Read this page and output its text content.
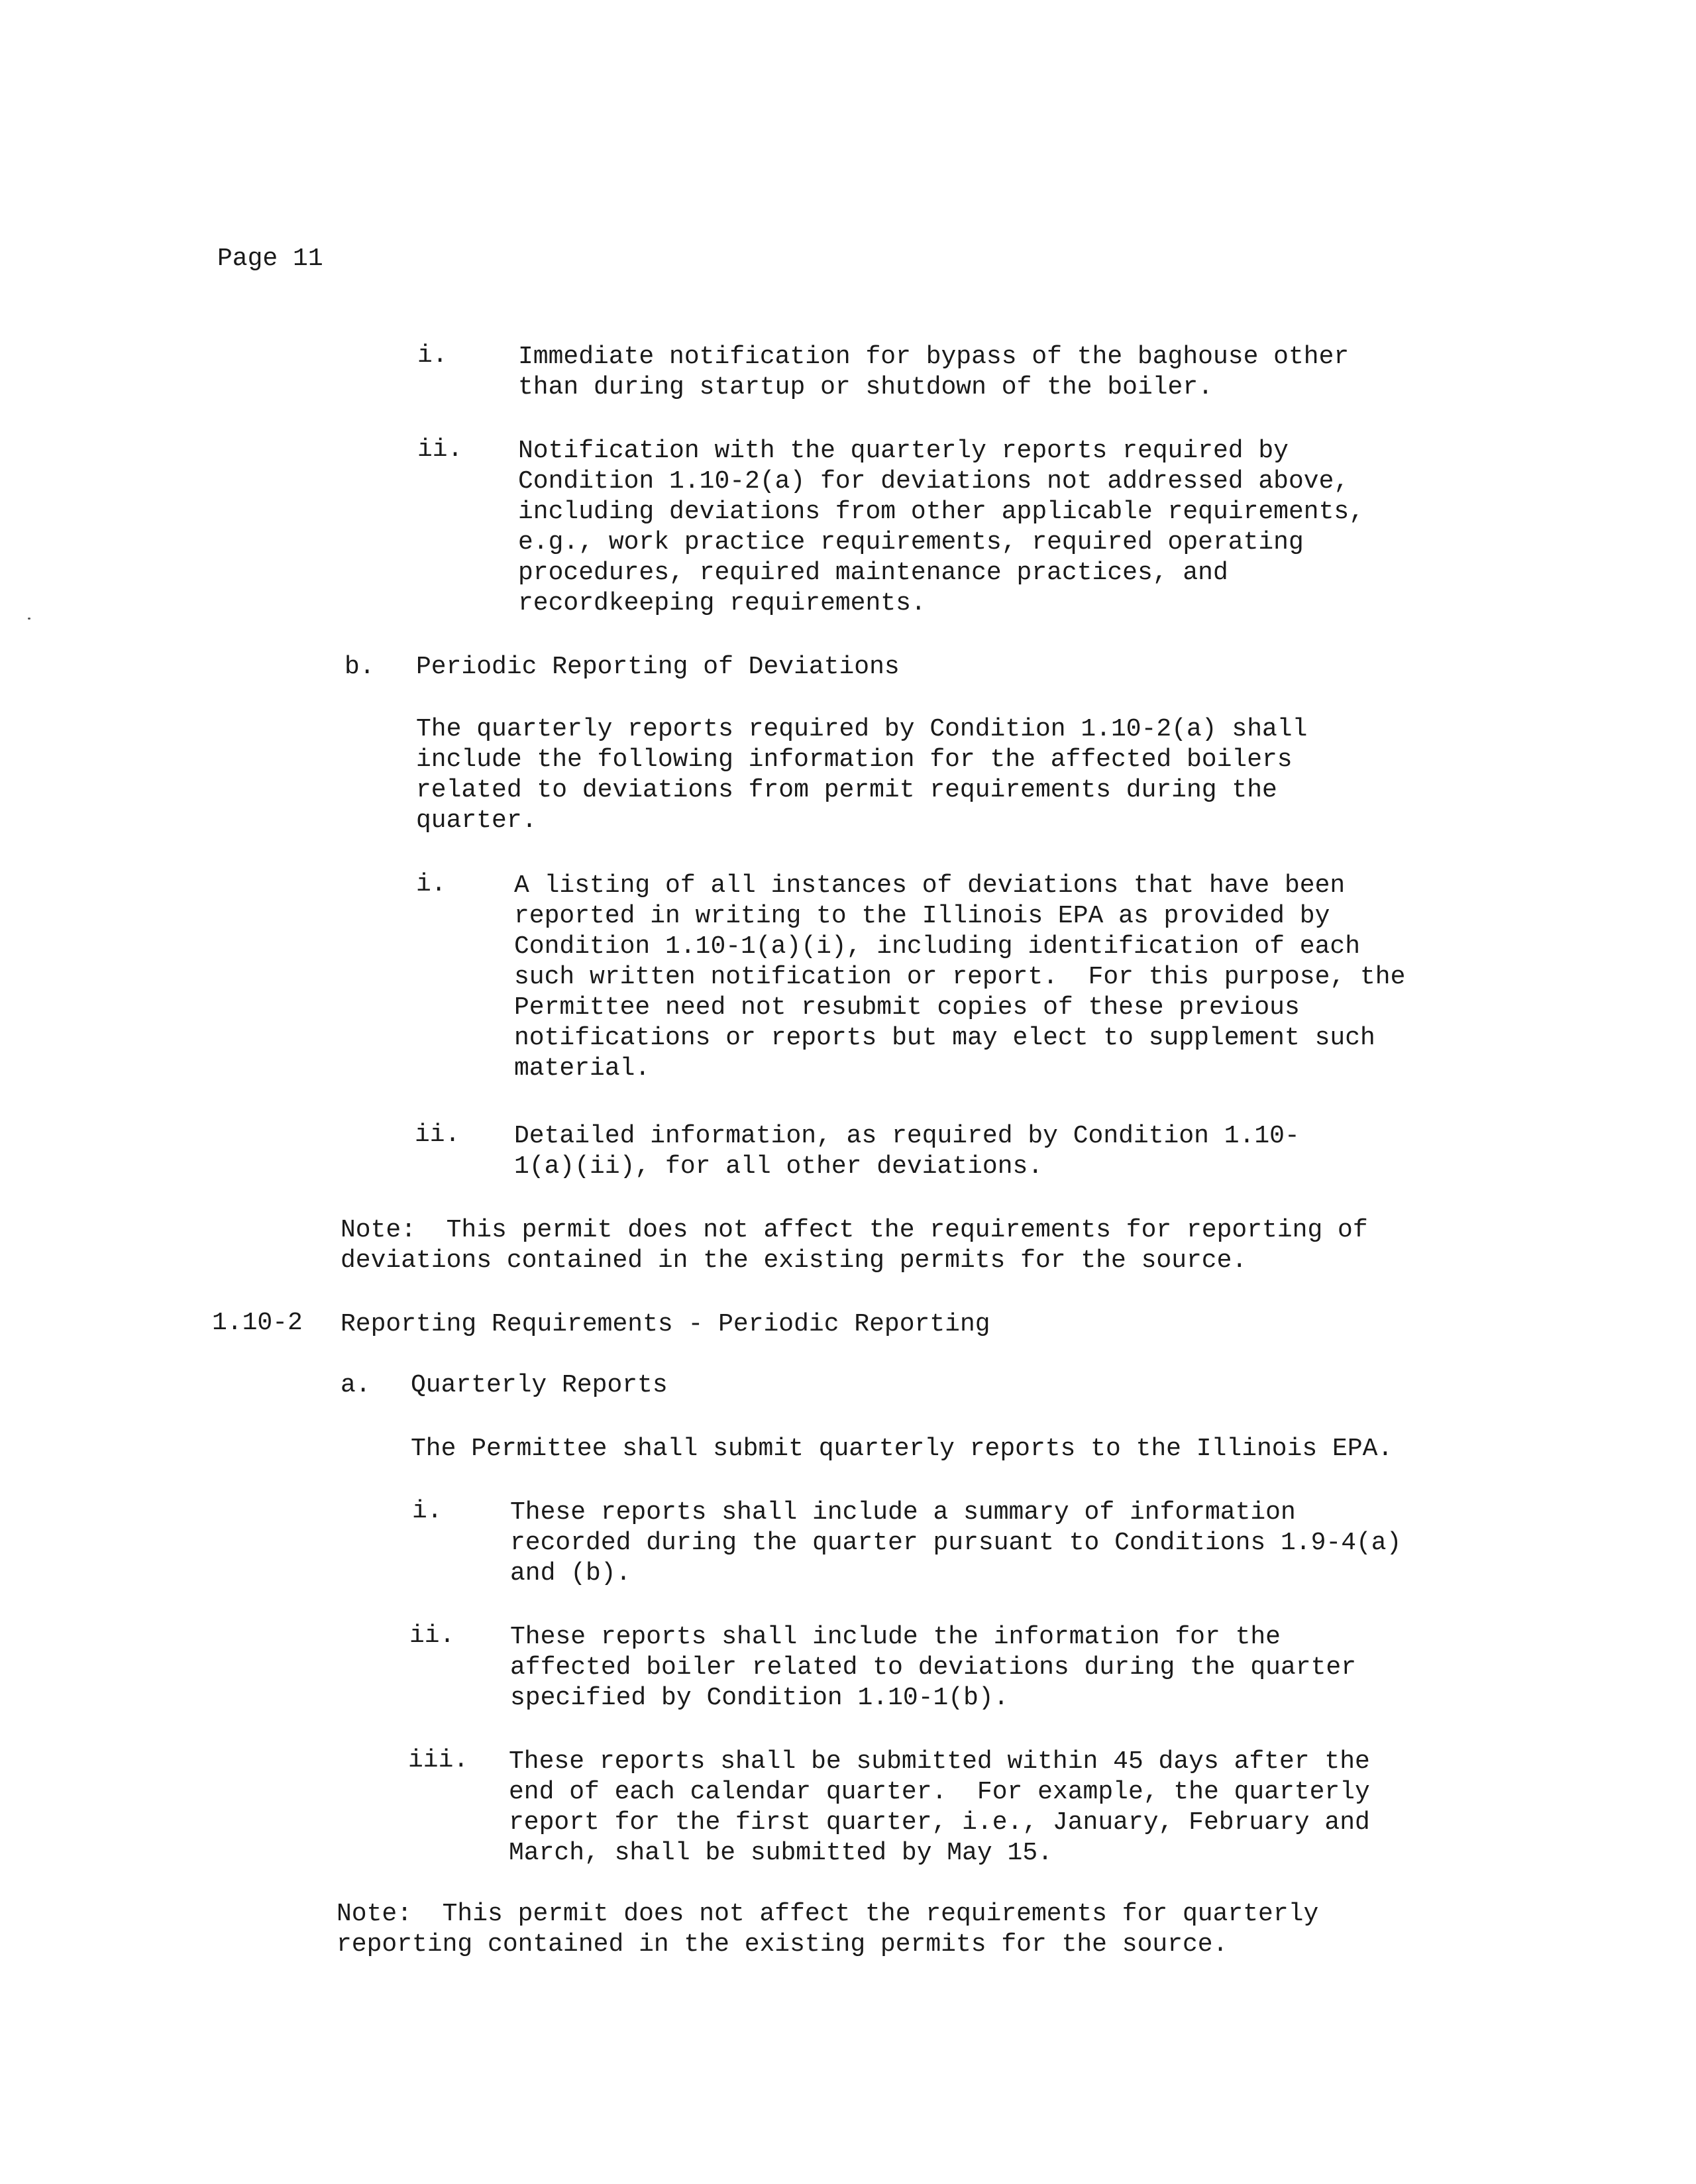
Page 11
i.	Immediate notification for bypass of the baghouse other
than during startup or shutdown of the boiler.
ii. Notification with the quarterly reports required by
Condition 1.10-2(a) for deviations not addressed above,
including deviations from other applicable requirements,
e.g., work practice requirements, required operating
procedures, required maintenance practices, and
recordkeeping requirements.
b. Periodic Reporting of Deviations
The quarterly reports required by Condition 1.10-2(a) shall
include the following information for the affected boilers
related to deviations from permit requirements during the
quarter.
i.	A listing of all instances of deviations that have been
reported in writing to the Illinois EPA as provided by
Condition 1.10-1(a)(i), including identification of each
such written notification or report.  For this purpose, the
Permittee need not resubmit copies of these previous
notifications or reports but may elect to supplement such
material.
ii. Detailed information, as required by Condition 1.10-
1(a)(ii), for all other deviations.
Note:  This permit does not affect the requirements for reporting of
deviations contained in the existing permits for the source.
1.10-2 Reporting Requirements - Periodic Reporting
a. Quarterly Reports
The Permittee shall submit quarterly reports to the Illinois EPA.
i.	These reports shall include a summary of information
recorded during the quarter pursuant to Conditions 1.9-4(a)
and (b).
ii. These reports shall include the information for the
affected boiler related to deviations during the quarter
specified by Condition 1.10-1(b).
iii. These reports shall be submitted within 45 days after the
end of each calendar quarter.  For example, the quarterly
report for the first quarter, i.e., January, February and
March, shall be submitted by May 15.
Note:  This permit does not affect the requirements for quarterly
reporting contained in the existing permits for the source.
